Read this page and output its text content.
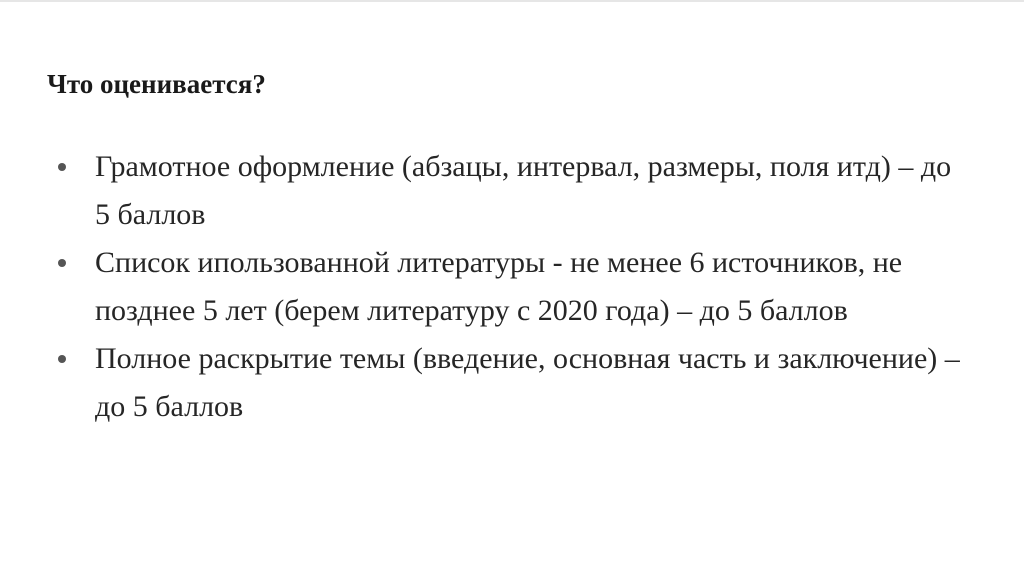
Что оценивается?
Грамотное оформление (абзацы, интервал, размеры, поля итд) – до 5 баллов
Список ипользованной литературы - не менее 6 источников, не позднее 5 лет (берем литературу с 2020 года) – до 5 баллов
Полное раскрытие темы (введение, основная часть и заключение) – до 5 баллов
